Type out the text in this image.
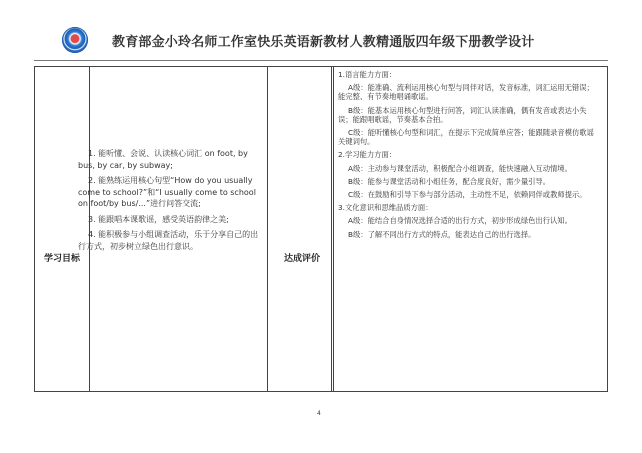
教育部金小玲名师工作室快乐英语新教材人教精通版四年级下册教学设计
学习目标	达成评价

1. 能听懂、会说、认读核心词汇 on foot, by bus, by car, by subway;

2. 能熟练运用核心句型“How do you usually come to school?”和“I usually come to school on foot/by bus/...”进行问答交流;

3. 能跟唱本课歌谣，感受英语韵律之美;

4. 能积极参与小组调查活动，乐于分享自己的出行方式，初步树立绿色出行意识。

1.语言能力方面：

A级：能准确、流利运用核心句型与同伴对话，发音标准，词汇运用无错误；能完整、有节奏地唱诵歌谣。

B级：能基本运用核心句型进行问答，词汇认读准确，偶有发音或表达小失误；能跟唱歌谣，节奏基本合拍。

C级：能听懂核心句型和词汇，在提示下完成简单应答；能跟随录音模仿歌谣关键词句。

2.学习能力方面：

A级：主动参与课堂活动，积极配合小组调查，能快速融入互动情境。

B级：能参与课堂活动和小组任务，配合度良好，需少量引导。

C级：在鼓励和引导下参与部分活动，主动性不足，依赖同伴或教师提示。

3.文化意识和思维品质方面：

A级：能结合自身情况选择合适的出行方式，初步形成绿色出行认知。

B级：了解不同出行方式的特点，能表达自己的出行选择。

4
